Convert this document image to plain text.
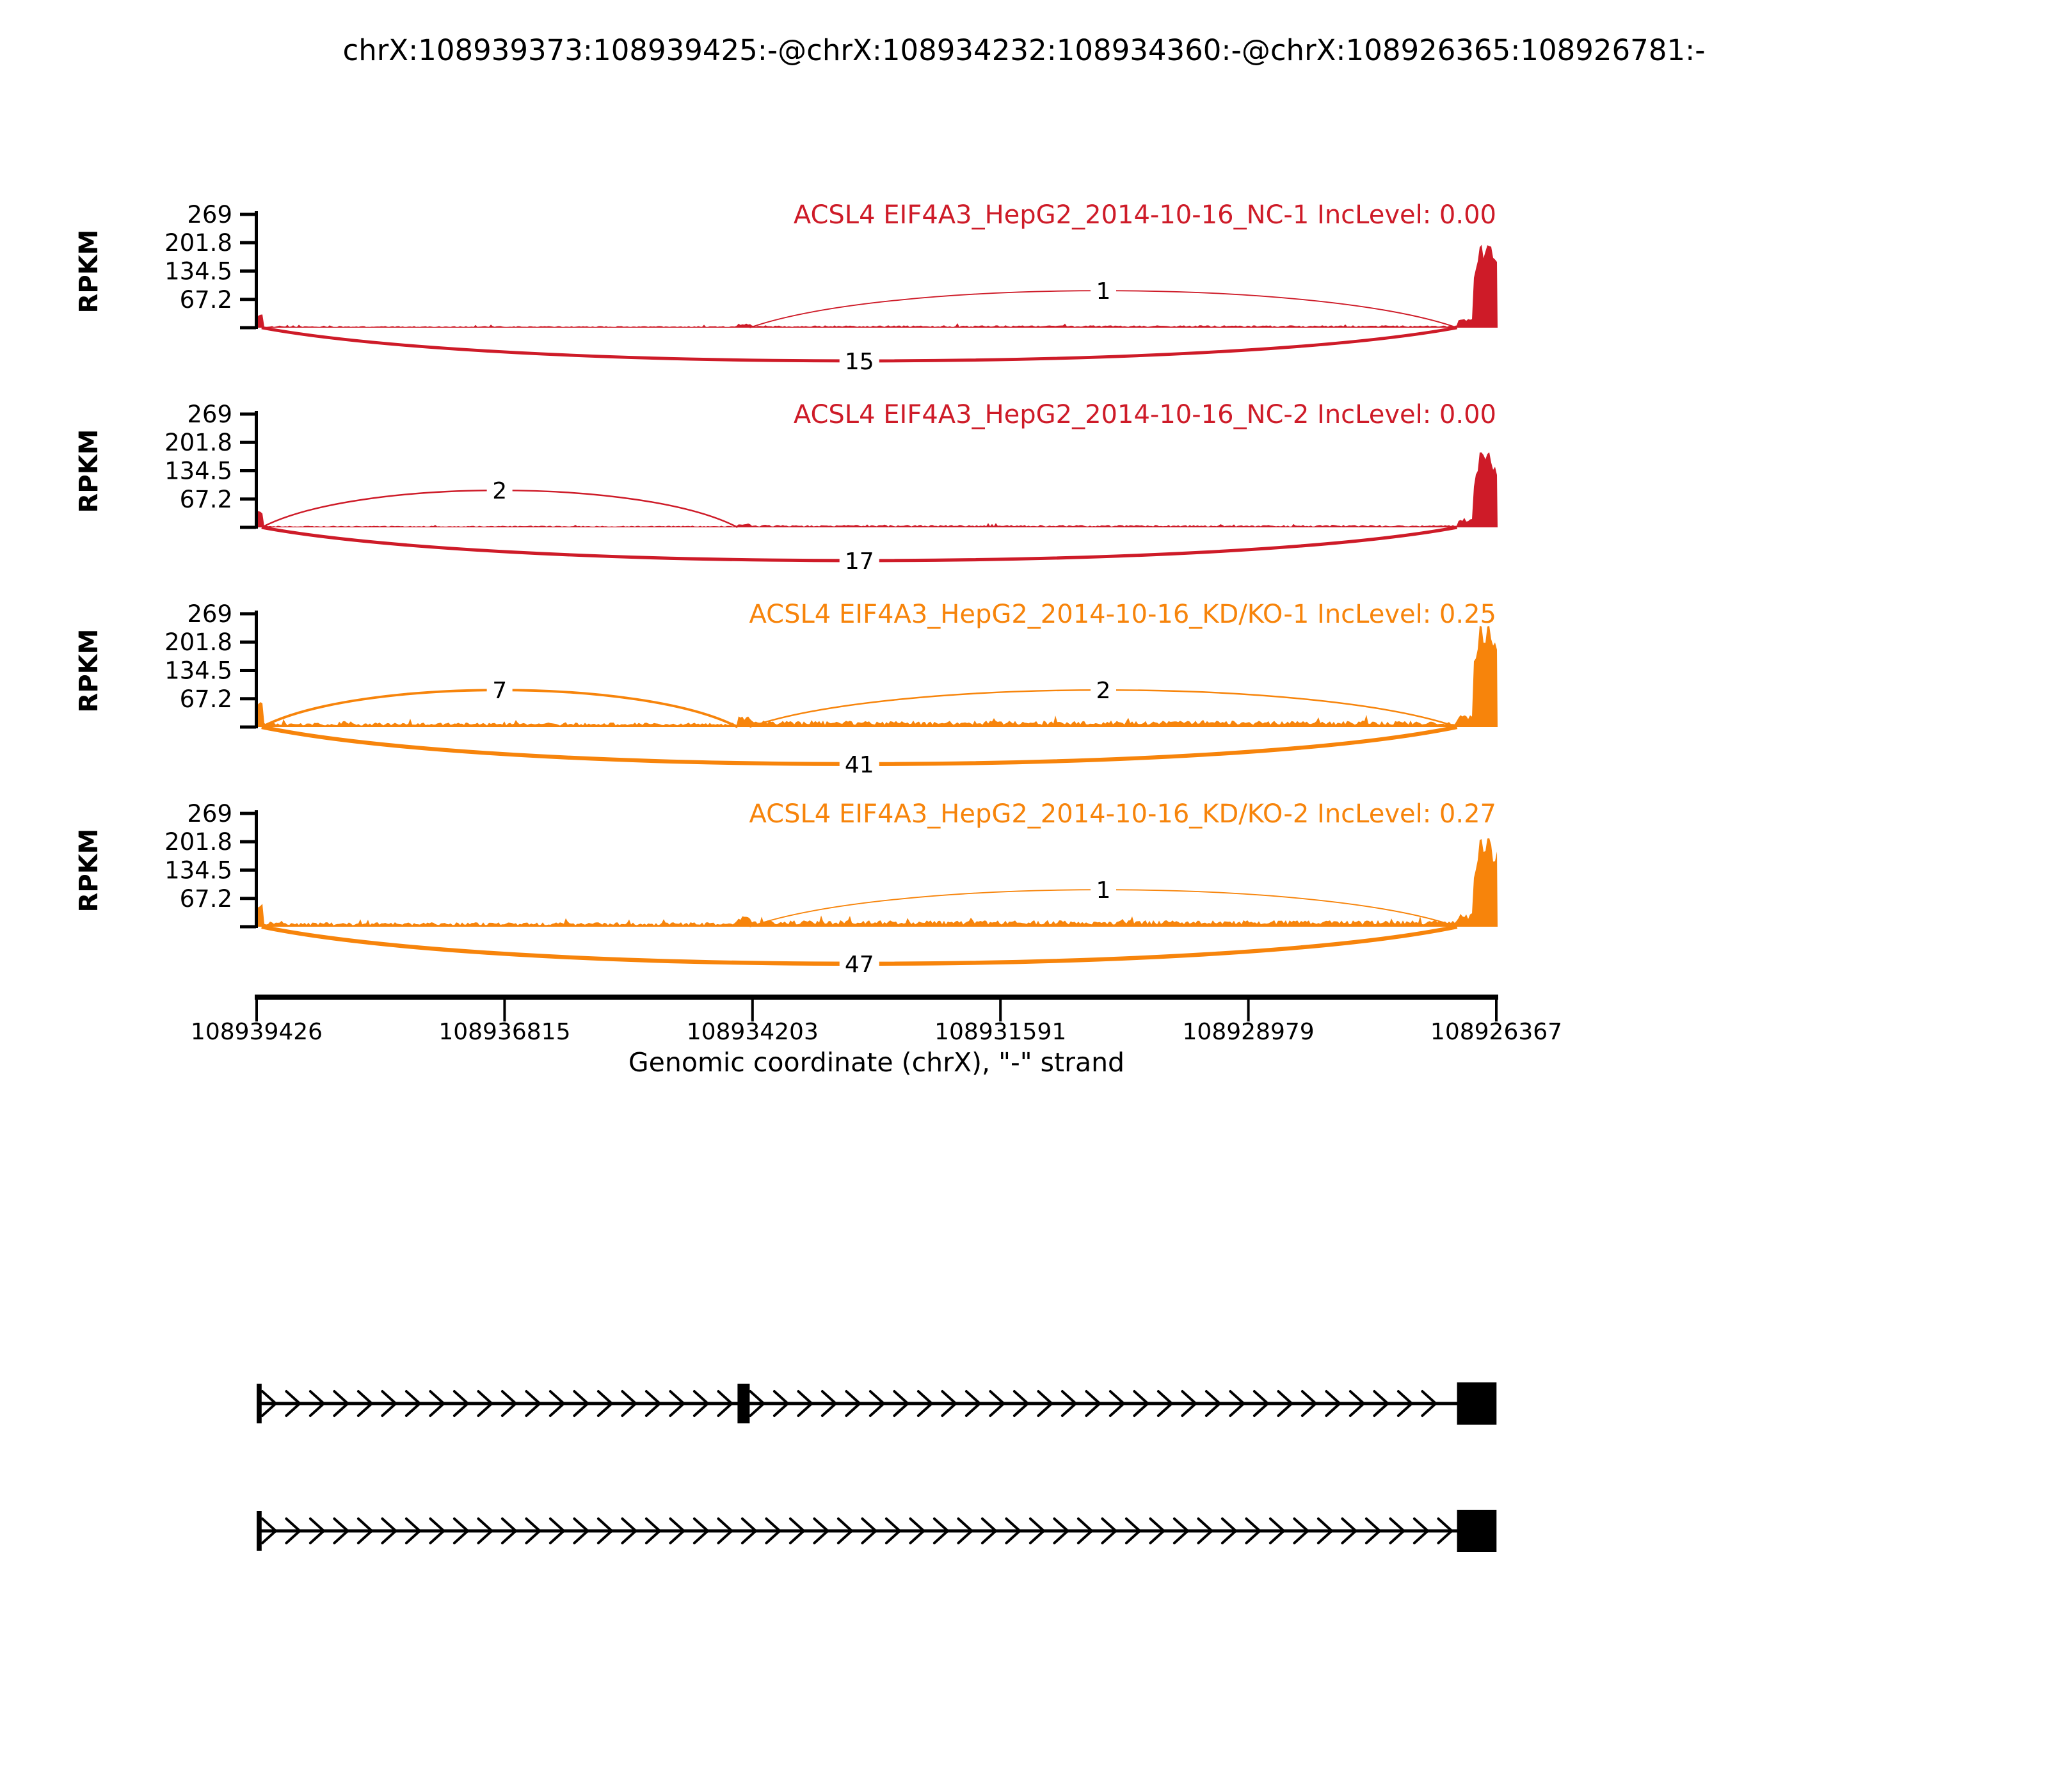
chrX:108939373:108939425:-@chrX:108934232:108934360:-@chrX:108926365:108926781:-
269
201.8
134.5
67.2
RPKM	1
15
ACSL4 EIF4A3_HepG2_2014-10-16_NC-1 IncLevel: 0.00
269
201.8
134.5
67.2
RPKM	2
17
ACSL4 EIF4A3_HepG2_2014-10-16_NC-2 IncLevel: 0.00
269
201.8
134.5
67.2
RPKM	7	2
41
ACSL4 EIF4A3_HepG2_2014-10-16_KD/KO-1 IncLevel: 0.25
269
201.8
134.5
67.2
RPKM	1
47
ACSL4 EIF4A3_HepG2_2014-10-16_KD/KO-2 IncLevel: 0.27
108939426	108936815	108934203	108931591	108928979	108926367
Genomic coordinate (chrX), "-" strand
